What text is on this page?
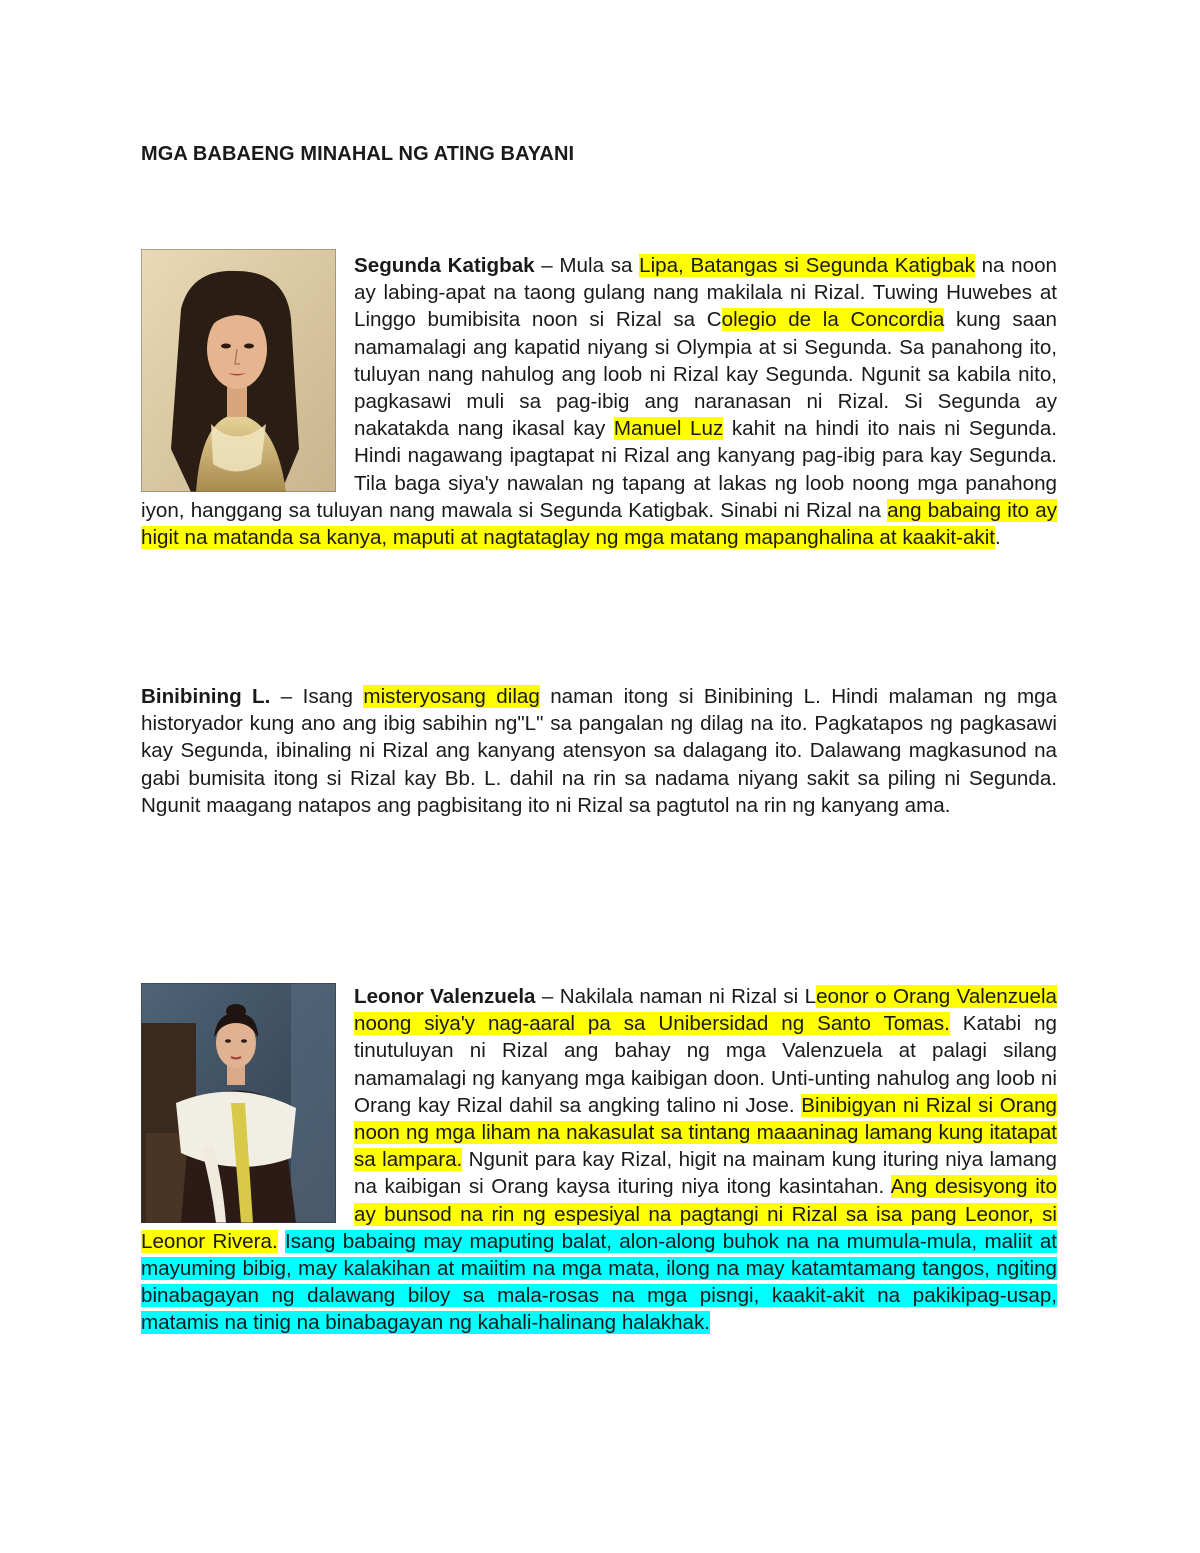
MGA BABAENG MINAHAL NG ATING BAYANI

Segunda Katigbak – Mula sa Lipa, Batangas si Segunda Katigbak na noon ay labing-apat na taong gulang nang makilala ni Rizal. Tuwing Huwebes at Linggo bumibisita noon si Rizal sa Colegio de la Concordia kung saan namamalagi ang kapatid niyang si Olympia at si Segunda. Sa panahong ito, tuluyan nang nahulog ang loob ni Rizal kay Segunda. Ngunit sa kabila nito, pagkasawi muli sa pag-ibig ang naranasan ni Rizal. Si Segunda ay nakatakda nang ikasal kay Manuel Luz kahit na hindi ito nais ni Segunda. Hindi nagawang ipagtapat ni Rizal ang kanyang pag-ibig para kay Segunda. Tila baga siya'y nawalan ng tapang at lakas ng loob noong mga panahong iyon, hanggang sa tuluyan nang mawala si Segunda Katigbak. Sinabi ni Rizal na ang babaing ito ay higit na matanda sa kanya, maputi at nagtataglay ng mga matang mapanghalina at kaakit-akit.

Binibining L. – Isang misteryosang dilag naman itong si Binibining L. Hindi malaman ng mga historyador kung ano ang ibig sabihin ng"L" sa pangalan ng dilag na ito. Pagkatapos ng pagkasawi kay Segunda, ibinaling ni Rizal ang kanyang atensyon sa dalagang ito. Dalawang magkasunod na gabi bumisita itong si Rizal kay Bb. L. dahil na rin sa nadama niyang sakit sa piling ni Segunda. Ngunit maagang natapos ang pagbisitang ito ni Rizal sa pagtutol na rin ng kanyang ama.

Leonor Valenzuela – Nakilala naman ni Rizal si Leonor o Orang Valenzuela noong siya'y nag-aaral pa sa Unibersidad ng Santo Tomas. Katabi ng tinutuluyan ni Rizal ang bahay ng mga Valenzuela at palagi silang namamalagi ng kanyang mga kaibigan doon. Unti-unting nahulog ang loob ni Orang kay Rizal dahil sa angking talino ni Jose. Binibigyan ni Rizal si Orang noon ng mga liham na nakasulat sa tintang maaaninag lamang kung itatapat sa lampara. Ngunit para kay Rizal, higit na mainam kung ituring niya lamang na kaibigan si Orang kaysa ituring niya itong kasintahan. Ang desisyong ito ay bunsod na rin ng espesiyal na pagtangi ni Rizal sa isa pang Leonor, si Leonor Rivera. Isang babaing may maputing balat, alon-along buhok na na mumula-mula, maliit at mayuming bibig, may kalakihan at maiitim na mga mata, ilong na may katamtamang tangos, ngiting binabagayan ng dalawang biloy sa mala-rosas na mga pisngi, kaakit-akit na pakikipag-usap, matamis na tinig na binabagayan ng kahali-halinang halakhak.
